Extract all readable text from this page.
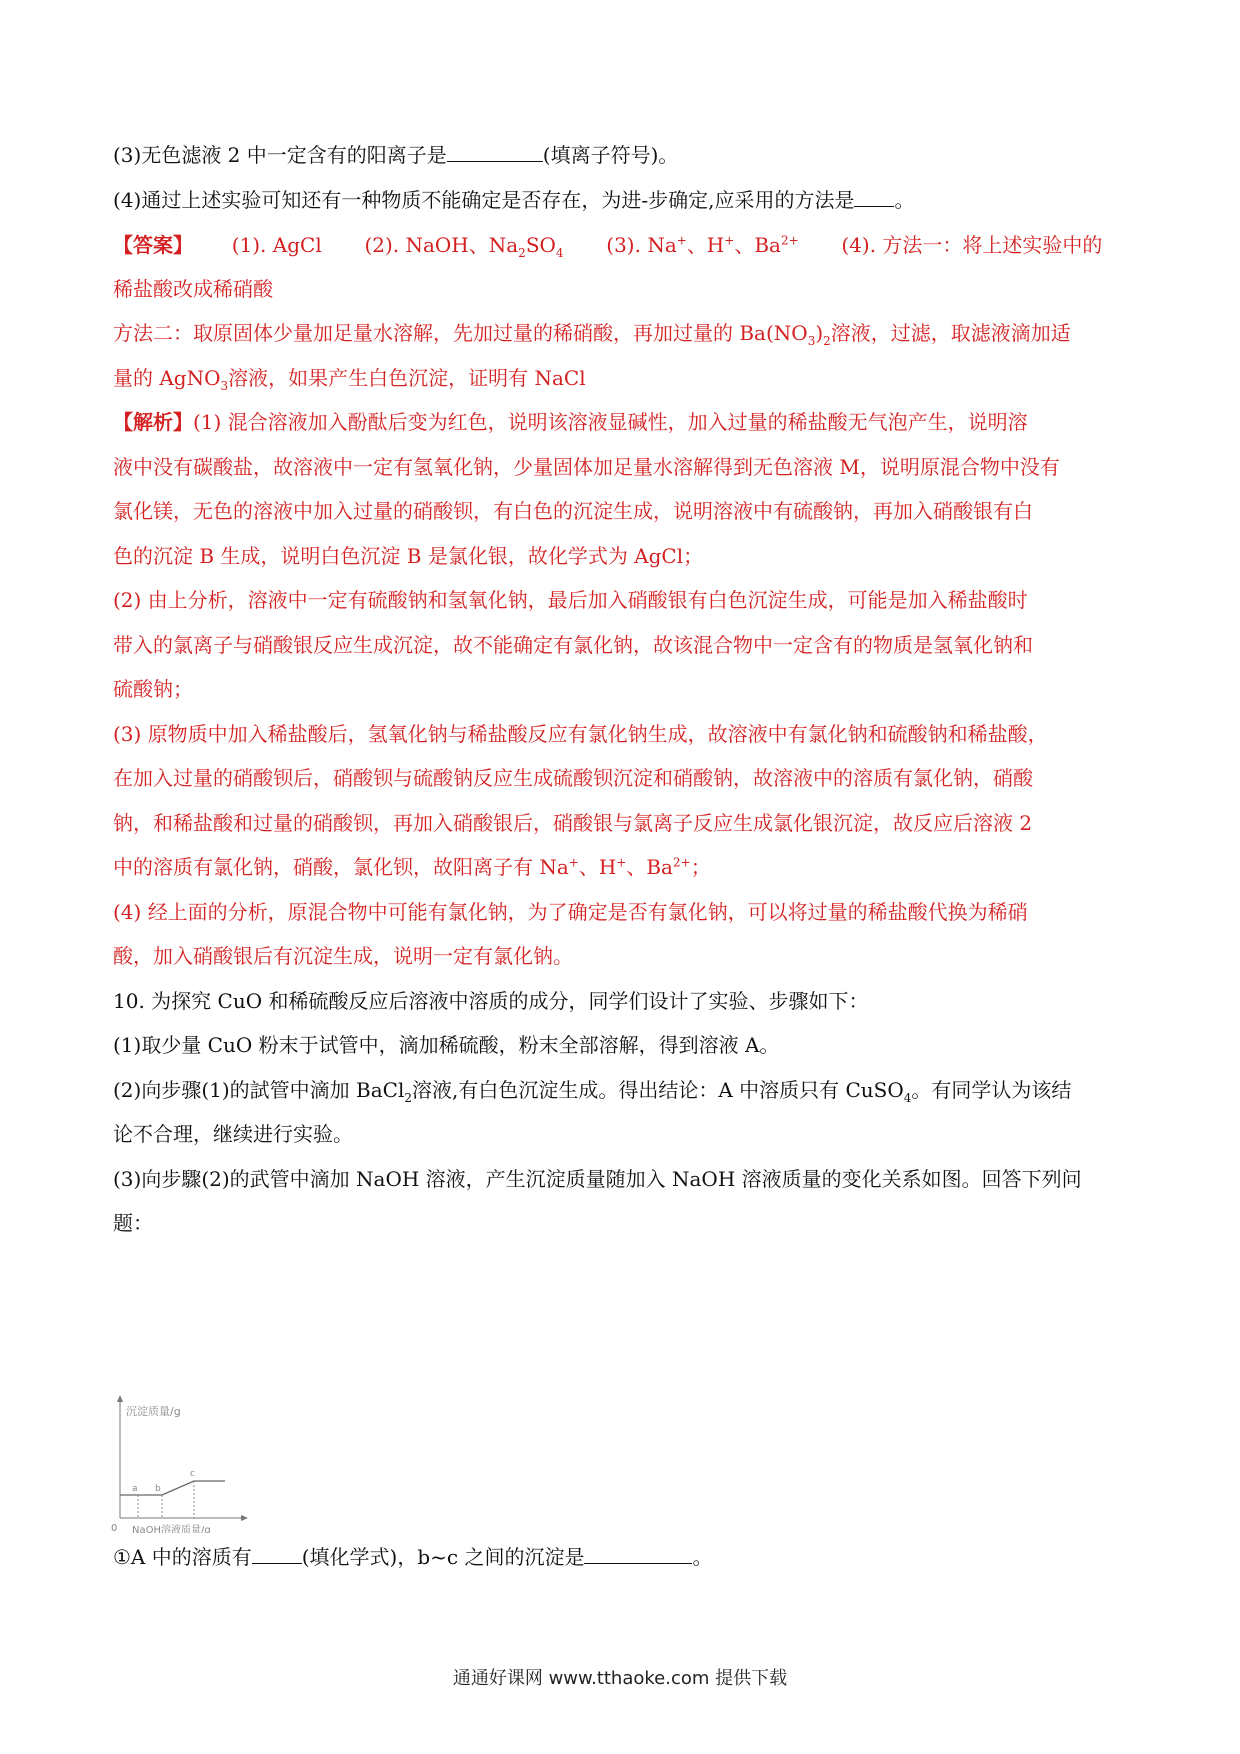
(3)无色滤液 2 中一定含有的阳离子是	(填离子符号)。
(4)通过上述实验可知还有一种物质不能确定是否存在，为进-步确定,应采用的方法是 。
【答案】 (1). AgCl (2). NaOH、$Na_2SO_4$ (3). Na+、H+、$Ba^{2+}$ (4). 方法一：将上述实验中的
稀盐酸改成稀硝酸
方法二：取原固体少量加足量水溶解，先加过量的稀硝酸，再加过量的 $Ba(NO_3)_2$溶液，过滤，取滤液滴加适
量的 AgNO$_3$溶液，如果产生白色沉淀，证明有 NaCl
【解析】(1) 混合溶液加入酚酞后变为红色，说明该溶液显碱性，加入过量的稀盐酸无气泡产生，说明溶
液中没有碳酸盐，故溶液中一定有氢氧化钠，少量固体加足量水溶解得到无色溶液 M，说明原混合物中没有
氯化镁，无色的溶液中加入过量的硝酸钡，有白色的沉淀生成，说明溶液中有硫酸钠，再加入硝酸银有白
色的沉淀 B 生成，说明白色沉淀 B 是氯化银，故化学式为 AgCl；
(2) 由上分析，溶液中一定有硫酸钠和氢氧化钠，最后加入硝酸银有白色沉淀生成，可能是加入稀盐酸时
带入的氯离子与硝酸银反应生成沉淀，故不能确定有氯化钠，故该混合物中一定含有的物质是氢氧化钠和
硫酸钠；
(3) 原物质中加入稀盐酸后，氢氧化钠与稀盐酸反应有氯化钠生成，故溶液中有氯化钠和硫酸钠和稀盐酸，
在加入过量的硝酸钡后，硝酸钡与硫酸钠反应生成硫酸钡沉淀和硝酸钠，故溶液中的溶质有氯化钠，硝酸
钠，和稀盐酸和过量的硝酸钡，再加入硝酸银后，硝酸银与氯离子反应生成氯化银沉淀，故反应后溶液 2
中的溶质有氯化钠，硝酸，氯化钡，故阳离子有 Na+、H+、$Ba^{2+}$；
(4) 经上面的分析，原混合物中可能有氯化钠，为了确定是否有氯化钠，可以将过量的稀盐酸代换为稀硝
酸，加入硝酸银后有沉淀生成，说明一定有氯化钠。
10. 为探究 CuO 和稀硫酸反应后溶液中溶质的成分，同学们设计了实验、步骤如下：
(1)取少量 CuO 粉末于试管中，滴加稀硫酸，粉末全部溶解，得到溶液 A。
(2)向步骤(1)的試管中滴加 BaCl$_2$溶液,有白色沉淀生成。得出结论：A 中溶质只有 CuSO$_4$。有同学认为该结
论不合理，继续进行实验。
(3)向步驟(2)的武管中滴加 NaOH 溶液，产生沉淀质量随加入 NaOH 溶液质量的变化关系如图。回答下列问
题：
沉淀质量/g
NaOH溶液质量/g
0
a b
c
①A 中的溶质有	(填化学式)，b~c 之间的沉淀是	。
通通好课网 www.tthaoke.com 提供下载
